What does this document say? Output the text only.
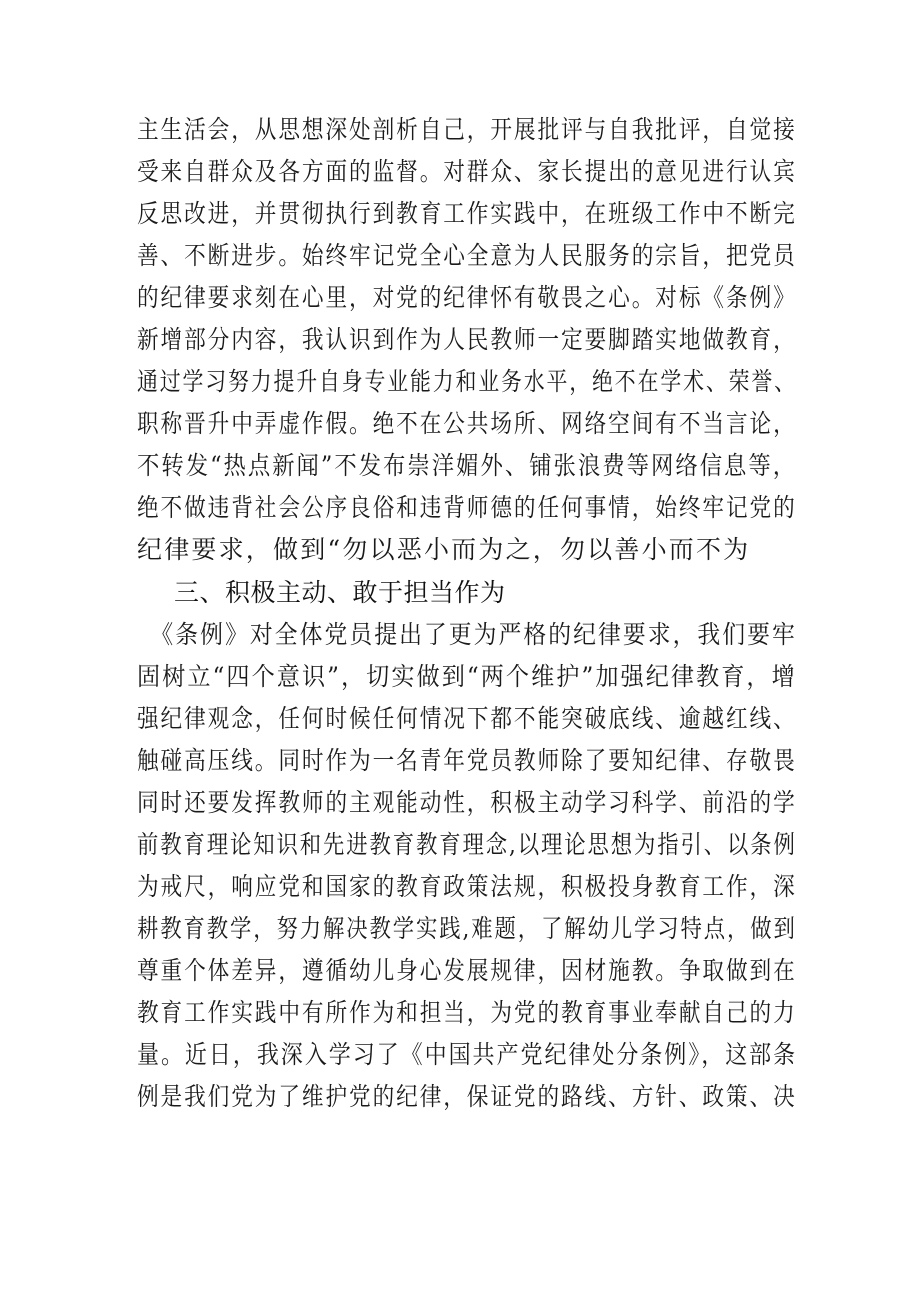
主生活会，从思想深处剖析自己，开展批评与自我批评，自觉接
受来自群众及各方面的监督。对群众、家长提出的意见进行认宾
反思改进，并贯彻执行到教育工作实践中，在班级工作中不断完
善、不断进步。始终牢记党全心全意为人民服务的宗旨，把党员
的纪律要求刻在心里，对党的纪律怀有敬畏之心。对标《条例》
新增部分内容，我认识到作为人民教师一定要脚踏实地做教育，
通过学习努力提升自身专业能力和业务水平，绝不在学术、荣誉、
职称晋升中弄虚作假。绝不在公共场所、网络空间有不当言论，
不转发“热点新闻”不发布崇洋媚外、铺张浪费等网络信息等，
绝不做违背社会公序良俗和违背师德的任何事情，始终牢记党的
纪律要求，做到“勿以恶小而为之，勿以善小而不为
三、积极主动、敢于担当作为
　《条例》对全体党员提出了更为严格的纪律要求，我们要牢
固树立“四个意识”，切实做到“两个维护”加强纪律教育，增
强纪律观念，任何时候任何情况下都不能突破底线、逾越红线、
触碰高压线。同时作为一名青年党员教师除了要知纪律、存敬畏
同时还要发挥教师的主观能动性，积极主动学习科学、前沿的学
前教育理论知识和先进教育教育理念,以理论思想为指引、以条例
为戒尺，响应党和国家的教育政策法规，积极投身教育工作，深
耕教育教学，努力解决教学实践,难题，了解幼儿学习特点，做到
尊重个体差异，遵循幼儿身心发展规律，因材施教。争取做到在
教育工作实践中有所作为和担当，为党的教育事业奉献自己的力
量。近日，我深入学习了《中国共产党纪律处分条例》，这部条
例是我们党为了维护党的纪律，保证党的路线、方针、政策、决
